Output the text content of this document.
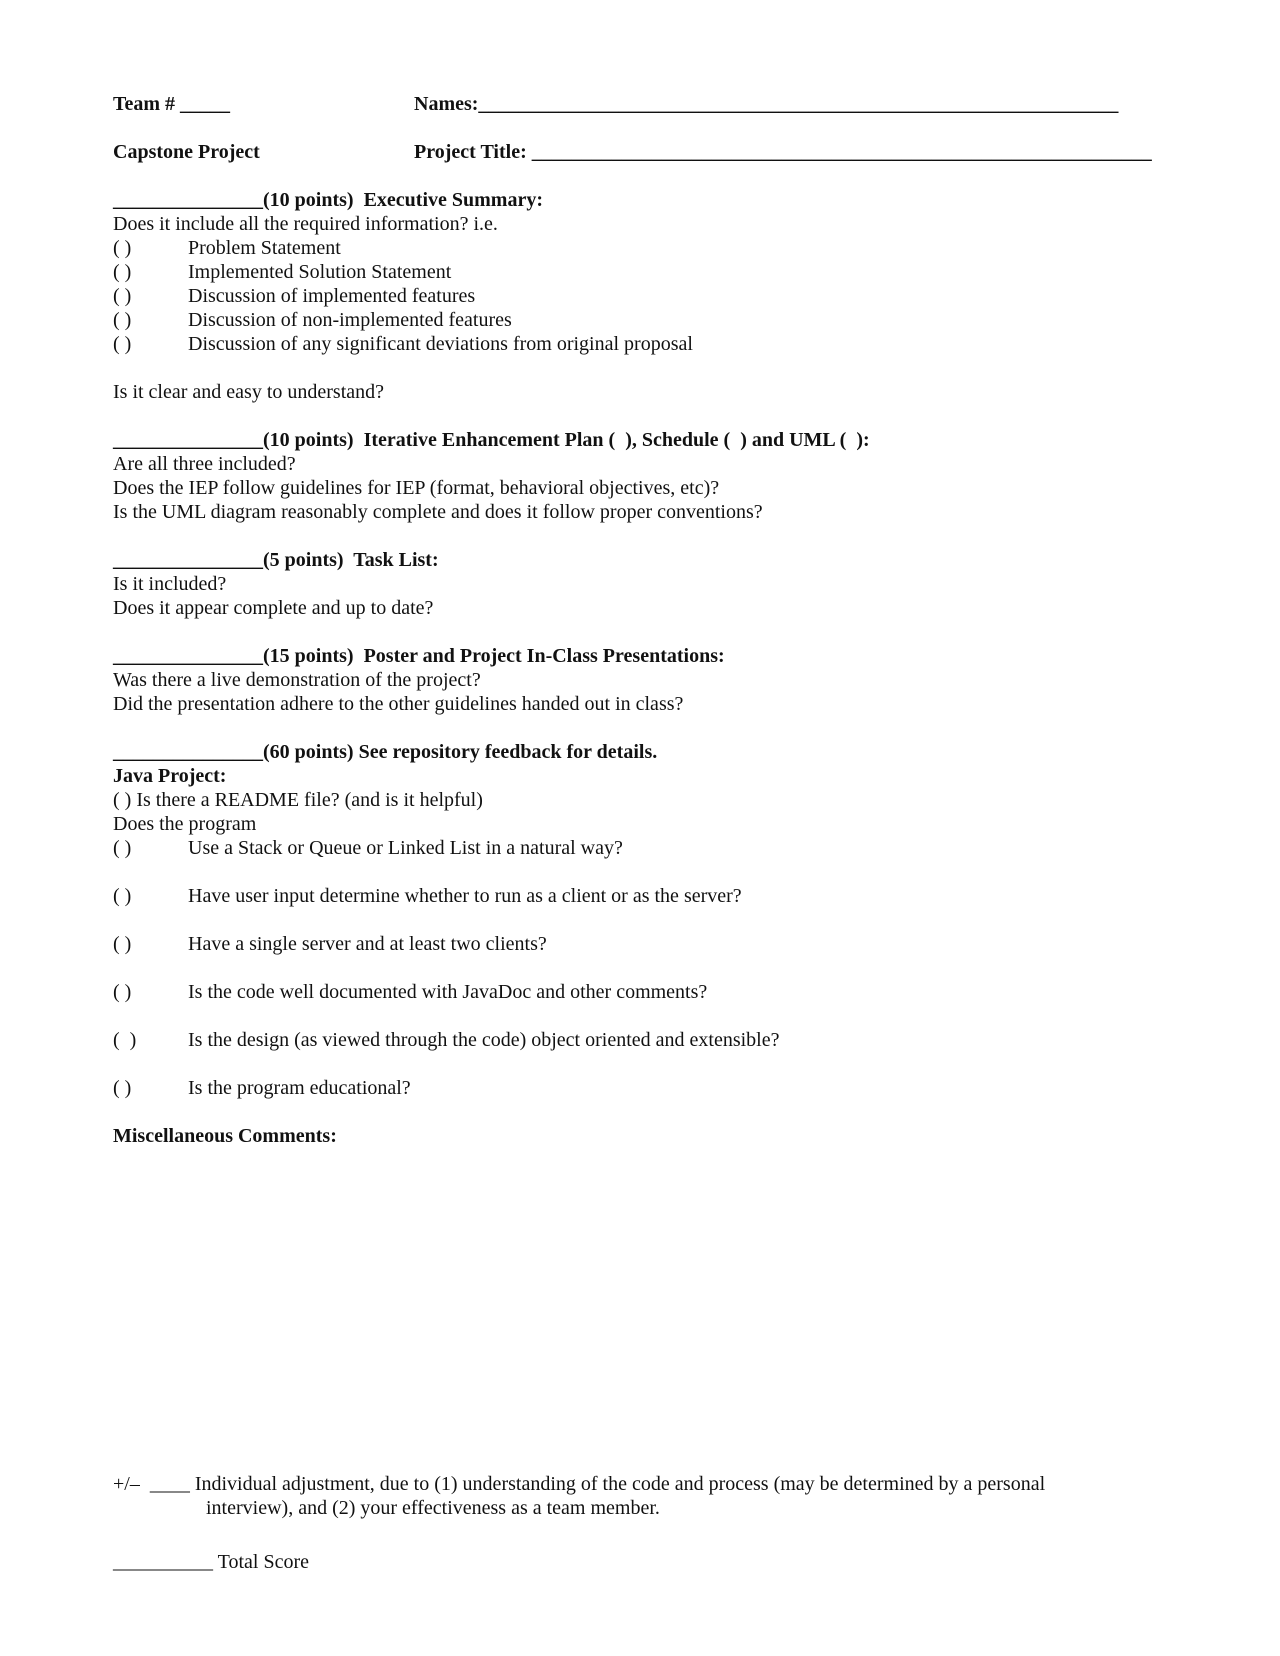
Team # _____	Names:________________________________________________________________
Capstone Project	Project Title: ______________________________________________________________
_______________(10 points)  Executive Summary:
Does it include all the required information? i.e.
( )	Problem Statement
( )	Implemented Solution Statement
( )	Discussion of implemented features
( )	Discussion of non-implemented features
( )	Discussion of any significant deviations from original proposal
Is it clear and easy to understand?
_______________(10 points)  Iterative Enhancement Plan (  ), Schedule (  ) and UML (  ):
Are all three included?
Does the IEP follow guidelines for IEP (format, behavioral objectives, etc)?
Is the UML diagram reasonably complete and does it follow proper conventions?
_______________(5 points)  Task List:
Is it included?
Does it appear complete and up to date?
_______________(15 points)  Poster and Project In-Class Presentations:
Was there a live demonstration of the project?
Did the presentation adhere to the other guidelines handed out in class?
_______________(60 points) See repository feedback for details.
Java Project:
( ) Is there a README file? (and is it helpful)
Does the program
( )	Use a Stack or Queue or Linked List in a natural way?
( )	Have user input determine whether to run as a client or as the server?
( )	Have a single server and at least two clients?
( )	Is the code well documented with JavaDoc and other comments?
(  )	Is the design (as viewed through the code) object oriented and extensible?
( )	Is the program educational?
Miscellaneous Comments:
+/–  ____ Individual adjustment, due to (1) understanding of the code and process (may be determined by a personal
interview), and (2) your effectiveness as a team member.
__________ Total Score
